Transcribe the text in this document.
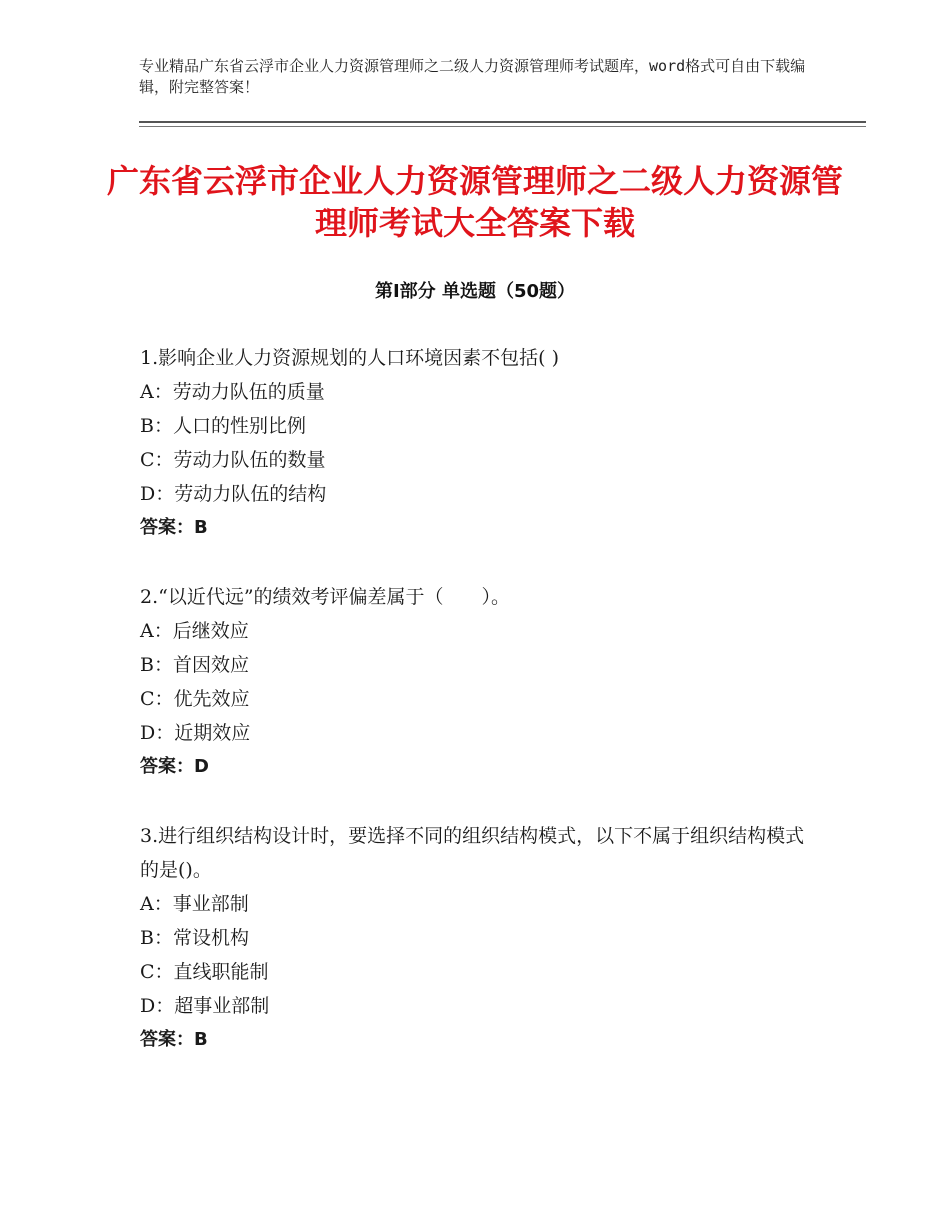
专业精品广东省云浮市企业人力资源管理师之二级人力资源管理师考试题库，word格式可自由下载编辑，附完整答案！
广东省云浮市企业人力资源管理师之二级人力资源管理师考试大全答案下载
第Ⅰ部分 单选题（50题）
1.影响企业人力资源规划的人口环境因素不包括( )
A：劳动力队伍的质量
B：人口的性别比例
C：劳动力队伍的数量
D：劳动力队伍的结构
答案：B
2.“以近代远”的绩效考评偏差属于（　　）。
A：后继效应
B：首因效应
C：优先效应
D：近期效应
答案：D
3.进行组织结构设计时，要选择不同的组织结构模式，以下不属于组织结构模式的是()。
A：事业部制
B：常设机构
C：直线职能制
D：超事业部制
答案：B
